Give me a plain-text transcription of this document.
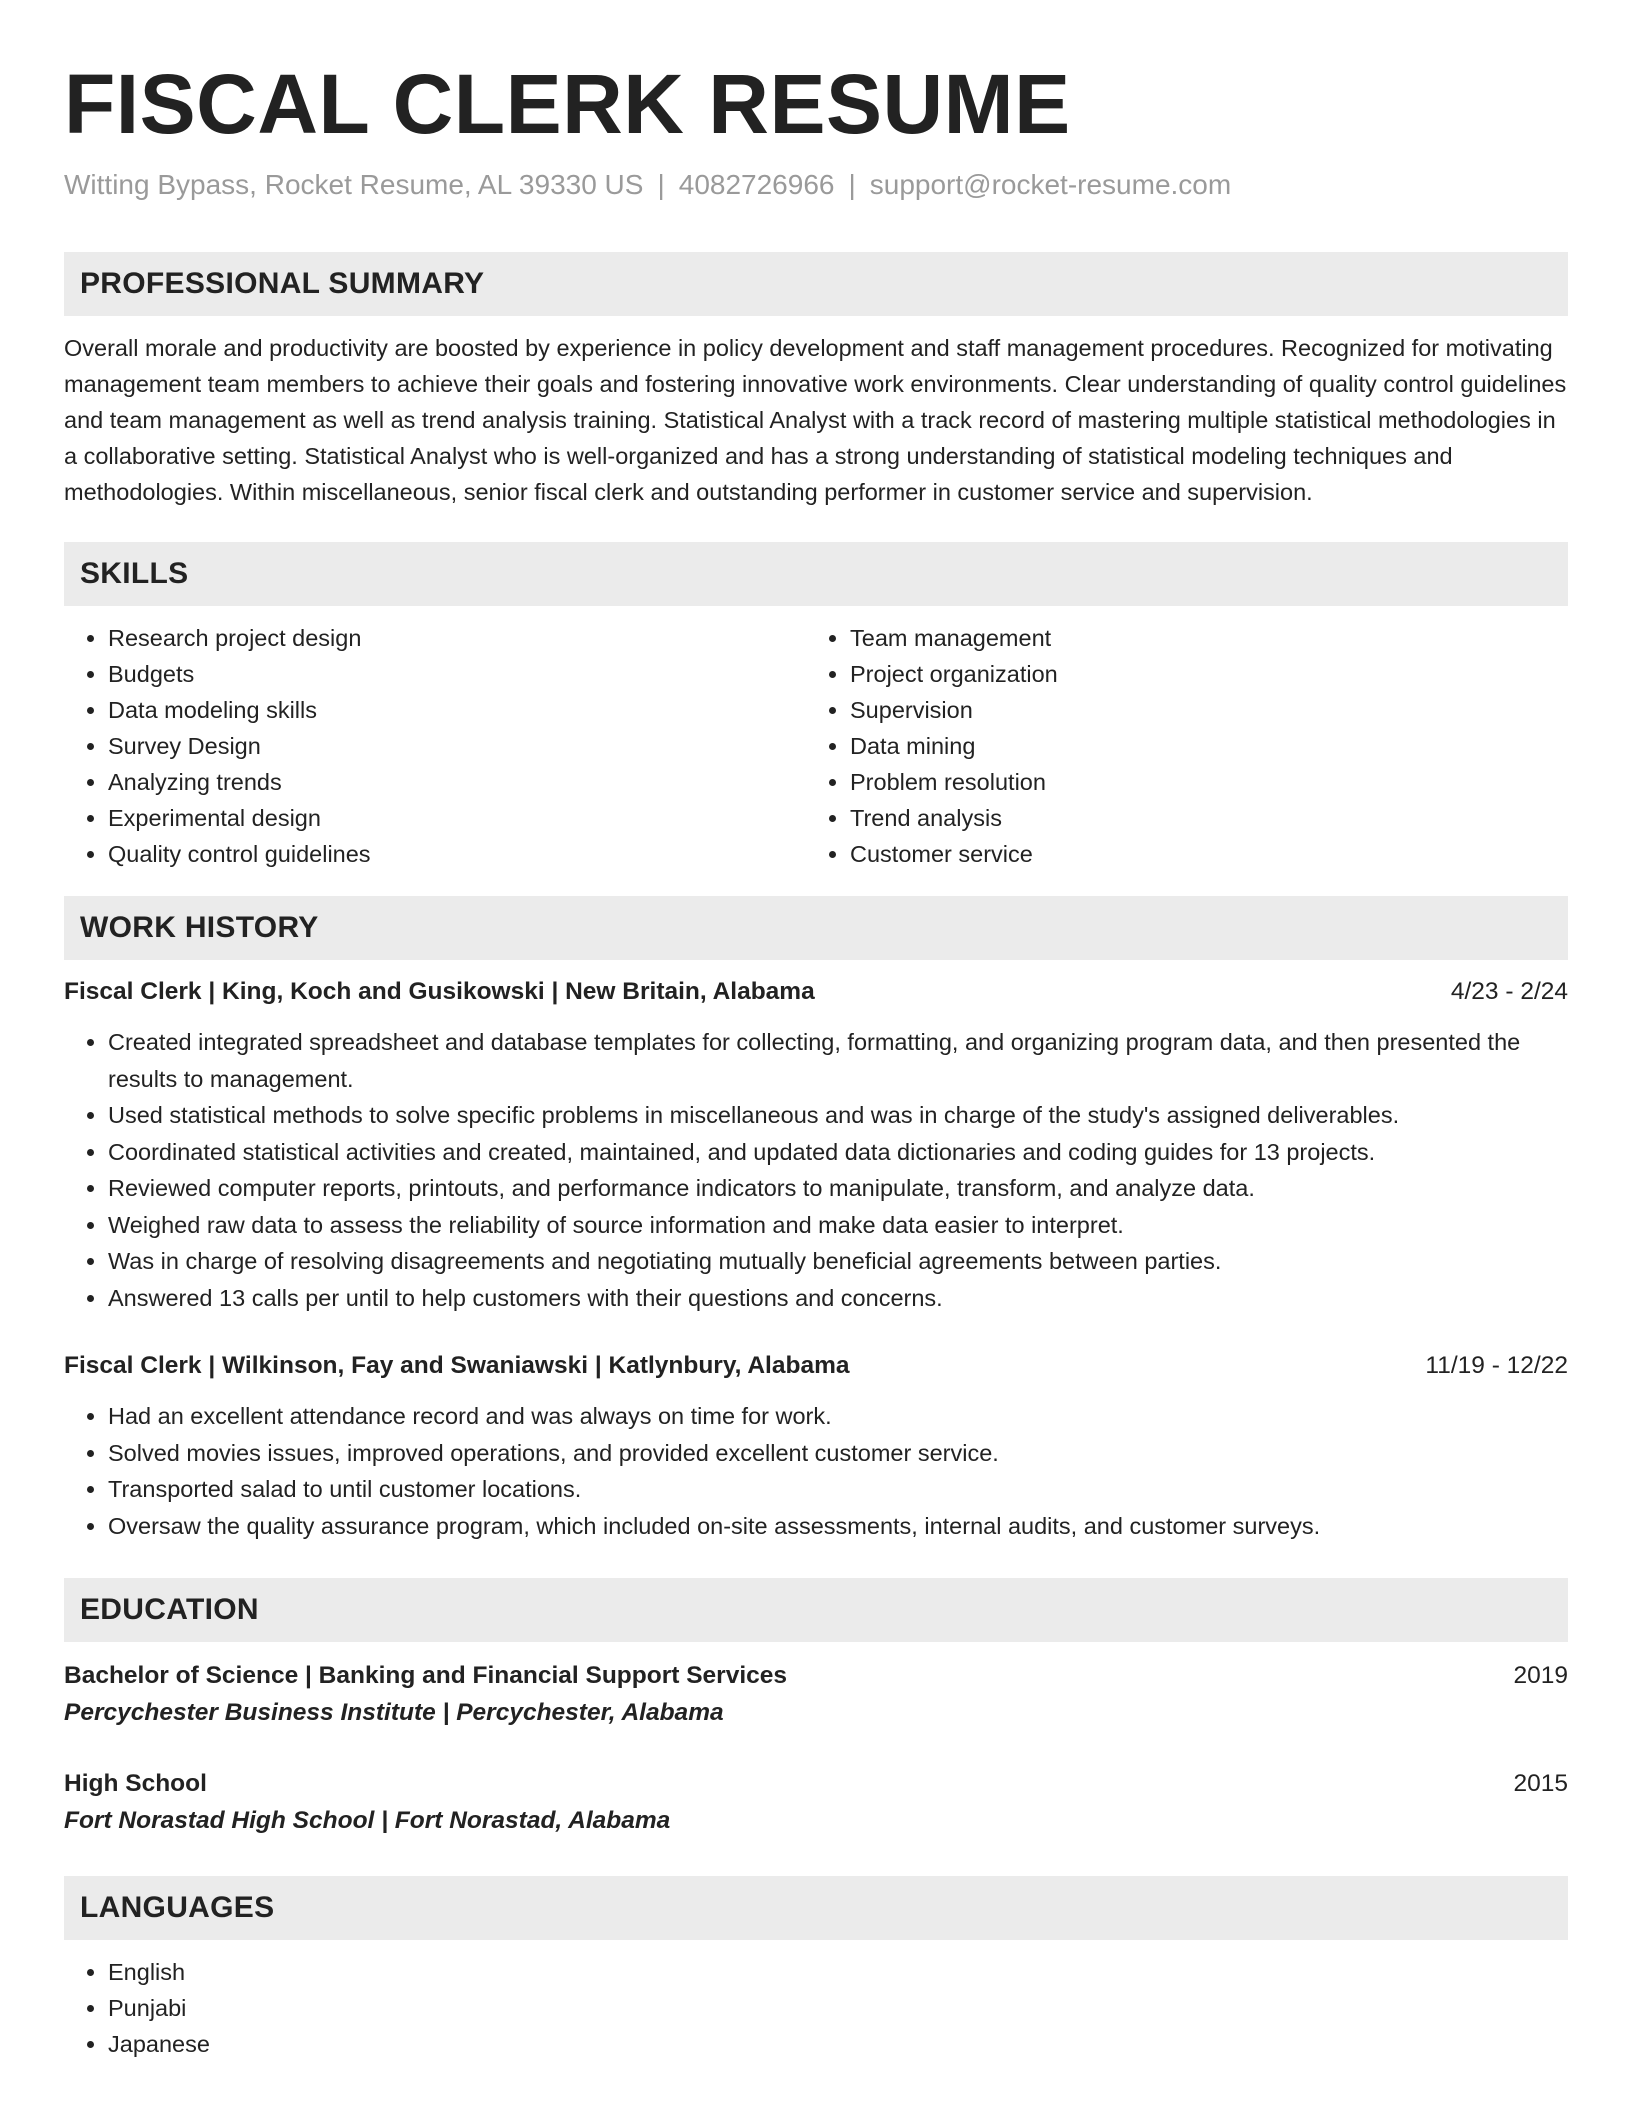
FISCAL CLERK RESUME
Witting Bypass, Rocket Resume, AL 39330 US | 4082726966 | support@rocket-resume.com
PROFESSIONAL SUMMARY

Overall morale and productivity are boosted by experience in policy development and staff management procedures. Recognized for motivating management team members to achieve their goals and fostering innovative work environments. Clear understanding of quality control guidelines and team management as well as trend analysis training. Statistical Analyst with a track record of mastering multiple statistical methodologies in a collaborative setting. Statistical Analyst who is well-organized and has a strong understanding of statistical modeling techniques and methodologies. Within miscellaneous, senior fiscal clerk and outstanding performer in customer service and supervision.

SKILLS
• Research project design
• Budgets
• Data modeling skills
• Survey Design
• Analyzing trends
• Experimental design
• Quality control guidelines
• Team management
• Project organization
• Supervision
• Data mining
• Problem resolution
• Trend analysis
• Customer service
WORK HISTORY
Fiscal Clerk | King, Koch and Gusikowski | New Britain, Alabama	4/23 - 2/24
• Created integrated spreadsheet and database templates for collecting, formatting, and organizing program data, and then presented the results to management.
• Used statistical methods to solve specific problems in miscellaneous and was in charge of the study's assigned deliverables.
• Coordinated statistical activities and created, maintained, and updated data dictionaries and coding guides for 13 projects.
• Reviewed computer reports, printouts, and performance indicators to manipulate, transform, and analyze data.
• Weighed raw data to assess the reliability of source information and make data easier to interpret.
• Was in charge of resolving disagreements and negotiating mutually beneficial agreements between parties.
• Answered 13 calls per until to help customers with their questions and concerns.
Fiscal Clerk | Wilkinson, Fay and Swaniawski | Katlynbury, Alabama	11/19 - 12/22
• Had an excellent attendance record and was always on time for work.
• Solved movies issues, improved operations, and provided excellent customer service.
• Transported salad to until customer locations.
• Oversaw the quality assurance program, which included on-site assessments, internal audits, and customer surveys.
EDUCATION
Bachelor of Science | Banking and Financial Support Services	2019
Percychester Business Institute | Percychester, Alabama
High School	2015
Fort Norastad High School | Fort Norastad, Alabama
LANGUAGES
• English
• Punjabi
• Japanese
